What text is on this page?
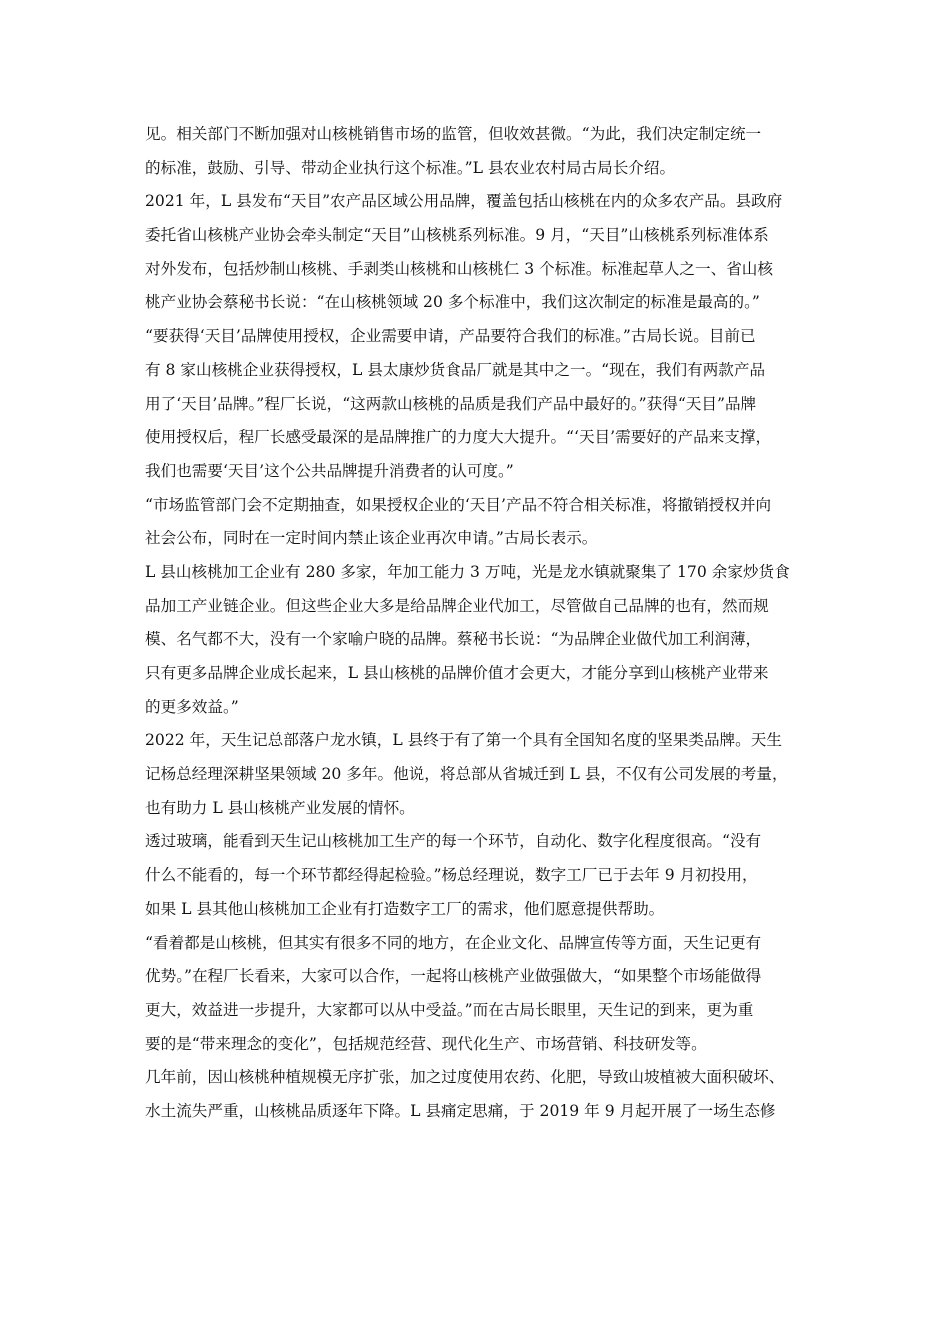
见。相关部门不断加强对山核桃销售市场的监管，但收效甚微。“为此，我们决定制定统一
的标准，鼓励、引导、带动企业执行这个标准。”L 县农业农村局古局长介绍。
2021 年，L 县发布“天目”农产品区域公用品牌，覆盖包括山核桃在内的众多农产品。县政府
委托省山核桃产业协会牵头制定“天目”山核桃系列标准。9 月，“天目”山核桃系列标准体系
对外发布，包括炒制山核桃、手剥类山核桃和山核桃仁 3 个标准。标准起草人之一、省山核
桃产业协会蔡秘书长说：“在山核桃领域 20 多个标准中，我们这次制定的标准是最高的。”
“要获得‘天目’品牌使用授权，企业需要申请，产品要符合我们的标准。”古局长说。目前已
有 8 家山核桃企业获得授权，L 县太康炒货食品厂就是其中之一。“现在，我们有两款产品
用了‘天目’品牌。”程厂长说，“这两款山核桃的品质是我们产品中最好的。”获得“天目”品牌
使用授权后，程厂长感受最深的是品牌推广的力度大大提升。“‘天目’需要好的产品来支撑，
我们也需要‘天目’这个公共品牌提升消费者的认可度。”
“市场监管部门会不定期抽查，如果授权企业的‘天目’产品不符合相关标准，将撤销授权并向
社会公布，同时在一定时间内禁止该企业再次申请。”古局长表示。
L 县山核桃加工企业有 280 多家，年加工能力 3 万吨，光是龙水镇就聚集了 170 余家炒货食
品加工产业链企业。但这些企业大多是给品牌企业代加工，尽管做自己品牌的也有，然而规
模、名气都不大，没有一个家喻户晓的品牌。蔡秘书长说：“为品牌企业做代加工利润薄，
只有更多品牌企业成长起来，L 县山核桃的品牌价值才会更大，才能分享到山核桃产业带来
的更多效益。”
2022 年，天生记总部落户龙水镇，L 县终于有了第一个具有全国知名度的坚果类品牌。天生
记杨总经理深耕坚果领域 20 多年。他说，将总部从省城迁到 L 县，不仅有公司发展的考量，
也有助力 L 县山核桃产业发展的情怀。
透过玻璃，能看到天生记山核桃加工生产的每一个环节，自动化、数字化程度很高。“没有
什么不能看的，每一个环节都经得起检验。”杨总经理说，数字工厂已于去年 9 月初投用，
如果 L 县其他山核桃加工企业有打造数字工厂的需求，他们愿意提供帮助。
“看着都是山核桃，但其实有很多不同的地方，在企业文化、品牌宣传等方面，天生记更有
优势。”在程厂长看来，大家可以合作，一起将山核桃产业做强做大，“如果整个市场能做得
更大，效益进一步提升，大家都可以从中受益。”而在古局长眼里，天生记的到来，更为重
要的是“带来理念的变化”，包括规范经营、现代化生产、市场营销、科技研发等。
几年前，因山核桃种植规模无序扩张，加之过度使用农药、化肥，导致山坡植被大面积破坏、
水土流失严重，山核桃品质逐年下降。L 县痛定思痛，于 2019 年 9 月起开展了一场生态修
